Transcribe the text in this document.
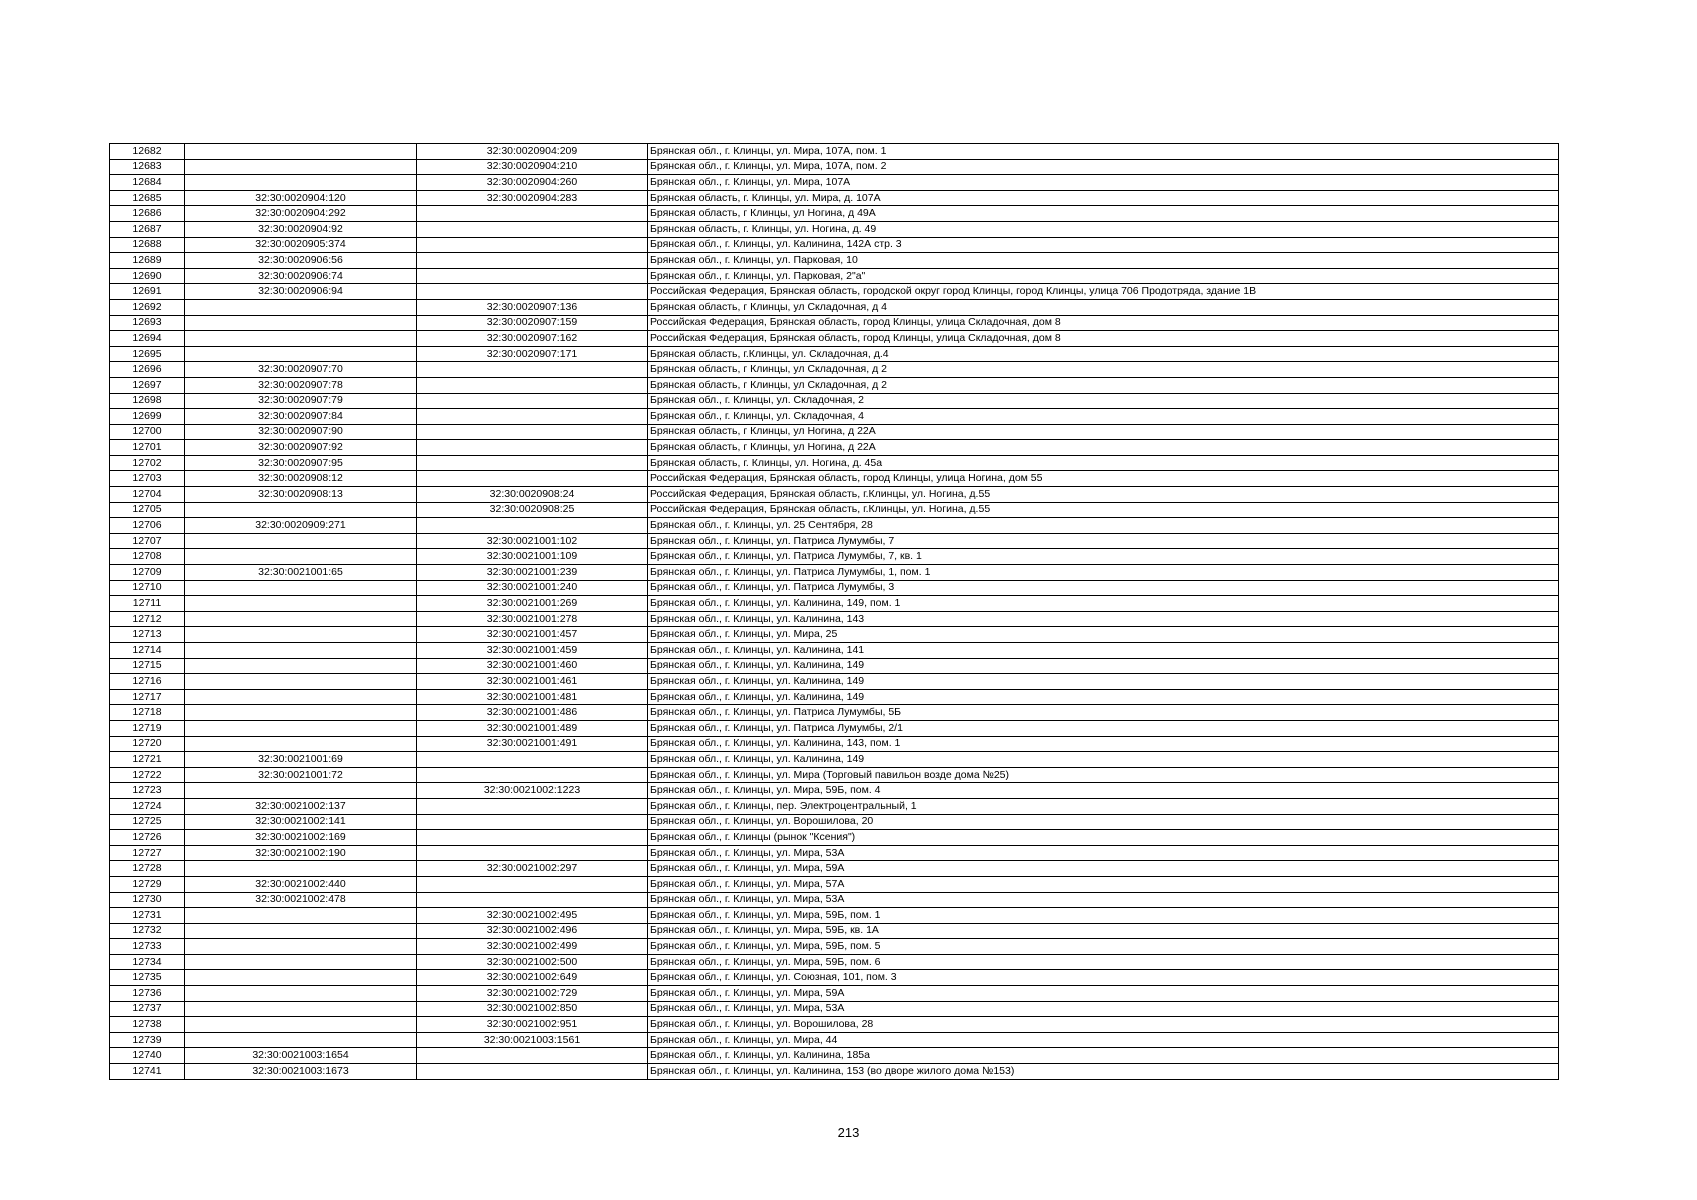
12682		32:30:0020904:209	Брянская обл., г. Клинцы, ул. Мира, 107А, пом. 1
12683		32:30:0020904:210	Брянская обл., г. Клинцы, ул. Мира, 107А, пом. 2
12684		32:30:0020904:260	Брянская обл., г. Клинцы, ул. Мира, 107А
12685	32:30:0020904:120	32:30:0020904:283	Брянская область, г. Клинцы, ул. Мира, д. 107А
12686	32:30:0020904:292		Брянская область, г Клинцы, ул Ногина, д 49А
12687	32:30:0020904:92		Брянская область, г. Клинцы, ул. Ногина, д. 49
12688	32:30:0020905:374		Брянская обл., г. Клинцы, ул. Калинина, 142А стр. 3
12689	32:30:0020906:56		Брянская обл., г. Клинцы, ул. Парковая, 10
12690	32:30:0020906:74		Брянская обл., г. Клинцы, ул. Парковая, 2"а"
12691	32:30:0020906:94		Российская Федерация, Брянская область, городской округ город Клинцы, город Клинцы, улица 706 Продотряда, здание 1В
12692		32:30:0020907:136	Брянская область, г Клинцы, ул Складочная, д 4
12693		32:30:0020907:159	Российская Федерация, Брянская область, город Клинцы, улица Складочная, дом 8
12694		32:30:0020907:162	Российская Федерация, Брянская область, город Клинцы, улица Складочная, дом 8
12695		32:30:0020907:171	Брянская область, г.Клинцы, ул. Складочная, д.4
12696	32:30:0020907:70		Брянская область, г Клинцы, ул Складочная, д 2
12697	32:30:0020907:78		Брянская область, г Клинцы, ул Складочная, д 2
12698	32:30:0020907:79		Брянская обл., г. Клинцы, ул. Складочная, 2
12699	32:30:0020907:84		Брянская обл., г. Клинцы, ул. Складочная, 4
12700	32:30:0020907:90		Брянская область, г Клинцы, ул Ногина, д 22А
12701	32:30:0020907:92		Брянская область, г Клинцы, ул Ногина, д 22А
12702	32:30:0020907:95		Брянская область, г. Клинцы, ул. Ногина, д. 45а
12703	32:30:0020908:12		Российская Федерация, Брянская область, город Клинцы, улица Ногина, дом 55
12704	32:30:0020908:13	32:30:0020908:24	Российская Федерация, Брянская область, г.Клинцы, ул. Ногина, д.55
12705		32:30:0020908:25	Российская Федерация, Брянская область, г.Клинцы, ул. Ногина, д.55
12706	32:30:0020909:271		Брянская обл., г. Клинцы, ул. 25 Сентября, 28
12707		32:30:0021001:102	Брянская обл., г. Клинцы, ул. Патриса Лумумбы, 7
12708		32:30:0021001:109	Брянская обл., г. Клинцы, ул. Патриса Лумумбы, 7, кв. 1
12709	32:30:0021001:65	32:30:0021001:239	Брянская обл., г. Клинцы, ул. Патриса Лумумбы, 1, пом. 1
12710		32:30:0021001:240	Брянская обл., г. Клинцы, ул. Патриса Лумумбы, 3
12711		32:30:0021001:269	Брянская обл., г. Клинцы, ул. Калинина, 149, пом. 1
12712		32:30:0021001:278	Брянская обл., г. Клинцы, ул. Калинина, 143
12713		32:30:0021001:457	Брянская обл., г. Клинцы, ул. Мира, 25
12714		32:30:0021001:459	Брянская обл., г. Клинцы, ул. Калинина, 141
12715		32:30:0021001:460	Брянская обл., г. Клинцы, ул. Калинина, 149
12716		32:30:0021001:461	Брянская обл., г. Клинцы, ул. Калинина, 149
12717		32:30:0021001:481	Брянская обл., г. Клинцы, ул. Калинина, 149
12718		32:30:0021001:486	Брянская обл., г. Клинцы, ул. Патриса Лумумбы, 5Б
12719		32:30:0021001:489	Брянская обл., г. Клинцы, ул. Патриса Лумумбы, 2/1
12720		32:30:0021001:491	Брянская обл., г. Клинцы, ул. Калинина, 143, пом. 1
12721	32:30:0021001:69		Брянская обл., г. Клинцы, ул. Калинина, 149
12722	32:30:0021001:72		Брянская обл., г. Клинцы, ул. Мира (Торговый павильон возде дома №25)
12723		32:30:0021002:1223	Брянская обл., г. Клинцы, ул. Мира, 59Б, пом. 4
12724	32:30:0021002:137		Брянская обл., г. Клинцы, пер. Электроцентральный, 1
12725	32:30:0021002:141		Брянская обл., г. Клинцы, ул. Ворошилова, 20
12726	32:30:0021002:169		Брянская обл., г. Клинцы (рынок "Ксения")
12727	32:30:0021002:190		Брянская обл., г. Клинцы, ул. Мира, 53А
12728		32:30:0021002:297	Брянская обл., г. Клинцы, ул. Мира, 59А
12729	32:30:0021002:440		Брянская обл., г. Клинцы, ул. Мира, 57А
12730	32:30:0021002:478		Брянская обл., г. Клинцы, ул. Мира, 53А
12731		32:30:0021002:495	Брянская обл., г. Клинцы, ул. Мира, 59Б, пом. 1
12732		32:30:0021002:496	Брянская обл., г. Клинцы, ул. Мира, 59Б, кв. 1А
12733		32:30:0021002:499	Брянская обл., г. Клинцы, ул. Мира, 59Б, пом. 5
12734		32:30:0021002:500	Брянская обл., г. Клинцы, ул. Мира, 59Б, пом. 6
12735		32:30:0021002:649	Брянская обл., г. Клинцы, ул. Союзная, 101, пом. 3
12736		32:30:0021002:729	Брянская обл., г. Клинцы, ул. Мира, 59А
12737		32:30:0021002:850	Брянская обл., г. Клинцы, ул. Мира, 53А
12738		32:30:0021002:951	Брянская обл., г. Клинцы, ул. Ворошилова, 28
12739		32:30:0021003:1561	Брянская обл., г. Клинцы, ул. Мира, 44
12740	32:30:0021003:1654		Брянская обл., г. Клинцы, ул. Калинина, 185а
12741	32:30:0021003:1673		Брянская обл., г. Клинцы, ул. Калинина, 153 (во дворе жилого дома №153)
213
